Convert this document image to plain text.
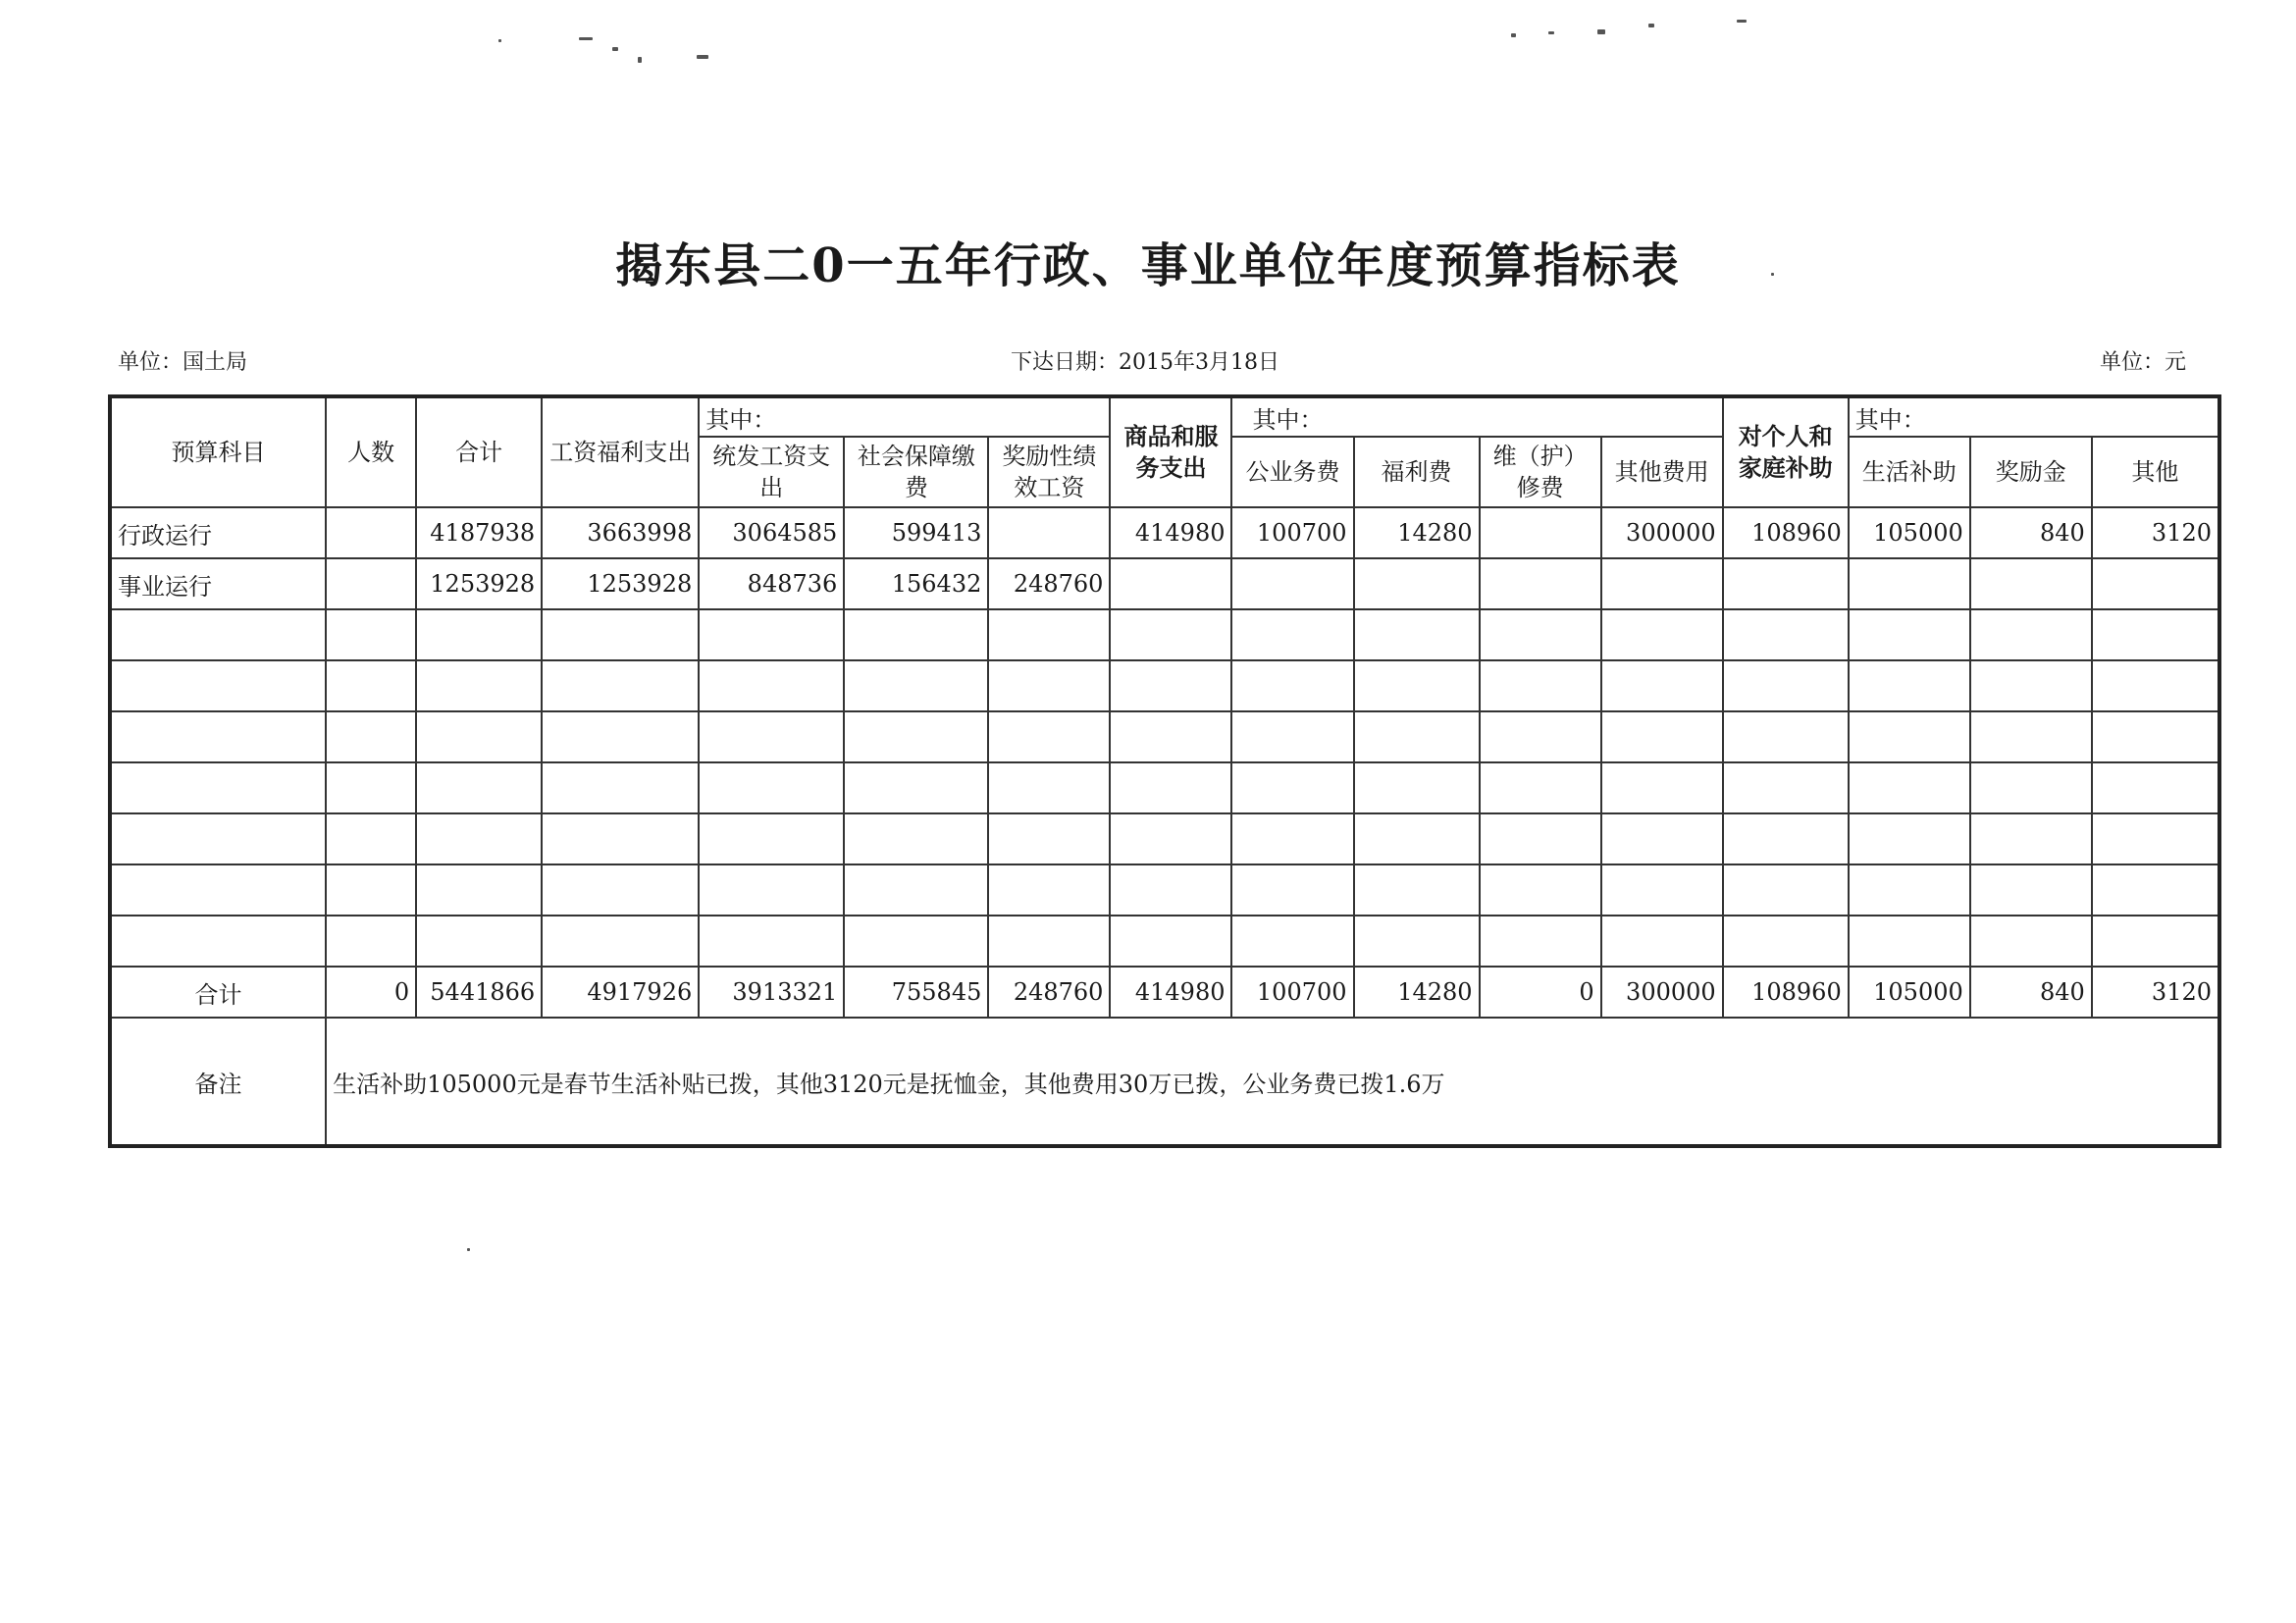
揭东县二0一五年行政、事业单位年度预算指标表
单位：国土局	下达日期：2015年3月18日	单位：元
预算科目	人数	合计	工资福利支出	其中：			商品和服务支出	其中：				对个人和家庭补助	其中：		
				统发工资支出	社会保障缴费	奖励性绩效工资		公业务费	福利费	维（护）修费	其他费用		生活补助	奖励金	其他
行政运行		4187938	3663998	3064585	599413		414980	100700	14280		300000	108960	105000	840	3120
事业运行		1253928	1253928	848736	156432	248760									

合计	0	5441866	4917926	3913321	755845	248760	414980	100700	14280	0	300000	108960	105000	840	3120
备注	生活补助105000元是春节生活补贴已拨，其他3120元是抚恤金，其他费用30万已拨，公业务费已拨1.6万														
